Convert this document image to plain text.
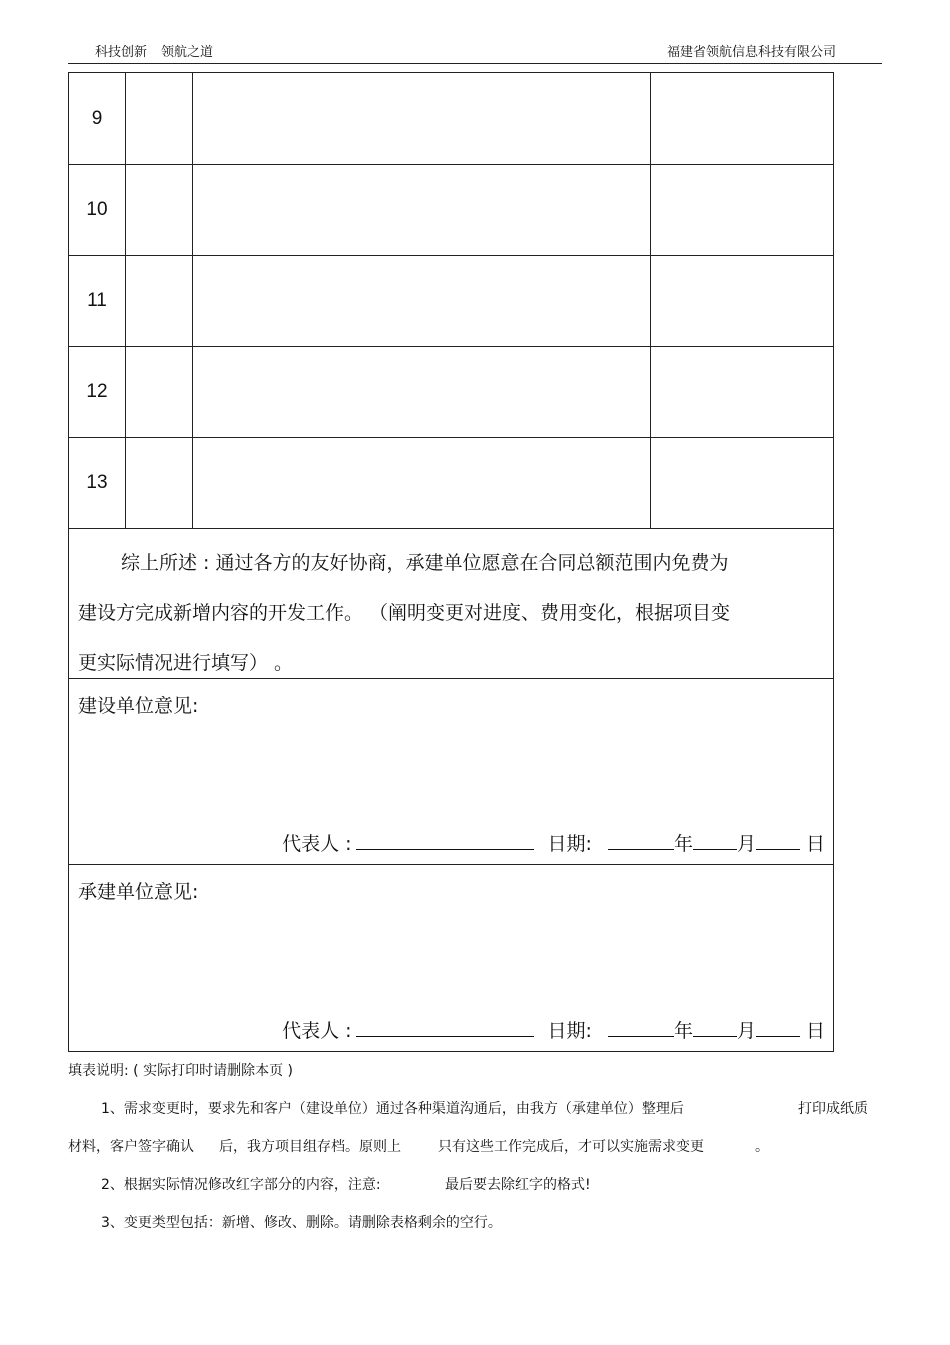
科技创新 领航之道	福建省领航信息科技有限公司
9
10
11
12
13
综上所述 : 通过各方的友好协商，承建单位愿意在合同总额范围内免费为
建设方完成新增内容的开发工作。 （阐明变更对进度、费用变化，根据项目变
更实际情况进行填写） 。
建设单位意见:
代表人 :	日期:	年 月	日
承建单位意见:
代表人 :	日期:	年 月	日
填表说明: ( 实际打印时请删除本页 )
1、需求变更时，要求先和客户（建设单位）通过各种渠道沟通后，由我方（承建单位）整理后	打印成纸质
材料，客户签字确认 后，我方项目组存档。原则上	只有这些工作完成后，才可以实施需求变更	。
2、根据实际情况修改红字部分的内容，注意:	最后要去除红字的格式!
3、变更类型包括：新增、修改、删除。请删除表格剩余的空行。
